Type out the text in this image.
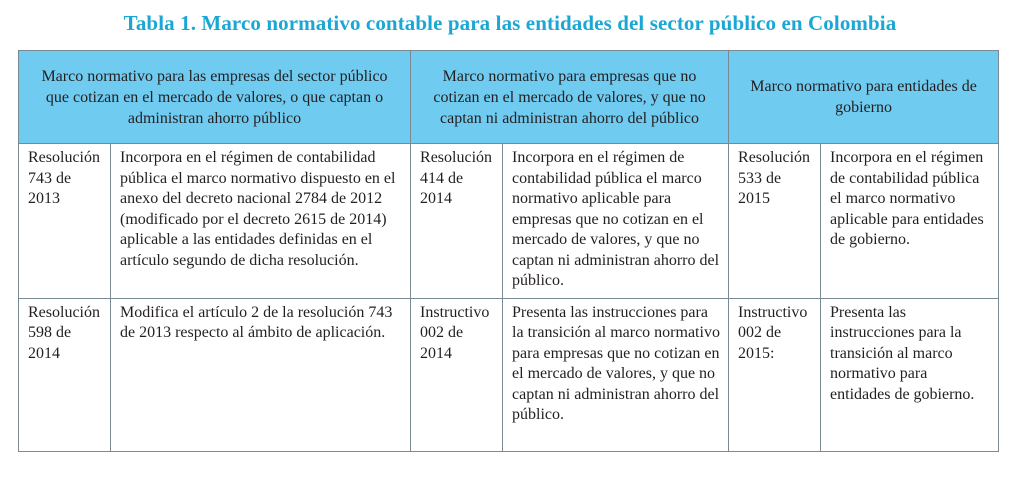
Tabla 1. Marco normativo contable para las entidades del sector público en Colombia
Marco normativo para las empresas del sector público que cotizan en el mercado de valores, o que captan o administran ahorro público		Marco normativo para empresas que no cotizan en el mercado de valores, y que no captan ni administran ahorro del público		Marco normativo para entidades de gobierno	
Resolución 743 de 2013	Incorpora en el régimen de contabilidad pública el marco normativo dispuesto en el anexo del decreto nacional 2784 de 2012 (modificado por el decreto 2615 de 2014) aplicable a las entidades definidas en el artículo segundo de dicha resolución.	Resolución 414 de 2014	Incorpora en el régimen de contabilidad pública el marco normativo aplicable para empresas que no cotizan en el mercado de valores, y que no captan ni administran ahorro del público.	Resolución 533 de 2015	Incorpora en el régimen de contabilidad pública el marco normativo aplicable para entidades de gobierno.
Resolución 598 de 2014	Modifica el artículo 2 de la resolución 743 de 2013 respecto al ámbito de aplicación.	Instructivo 002 de 2014	Presenta las instrucciones para la transición al marco normativo para empresas que no cotizan en el mercado de valores, y que no captan ni administran ahorro del público.	Instructivo 002 de 2015:	Presenta las instrucciones para la transición al marco normativo para entidades de gobierno.
